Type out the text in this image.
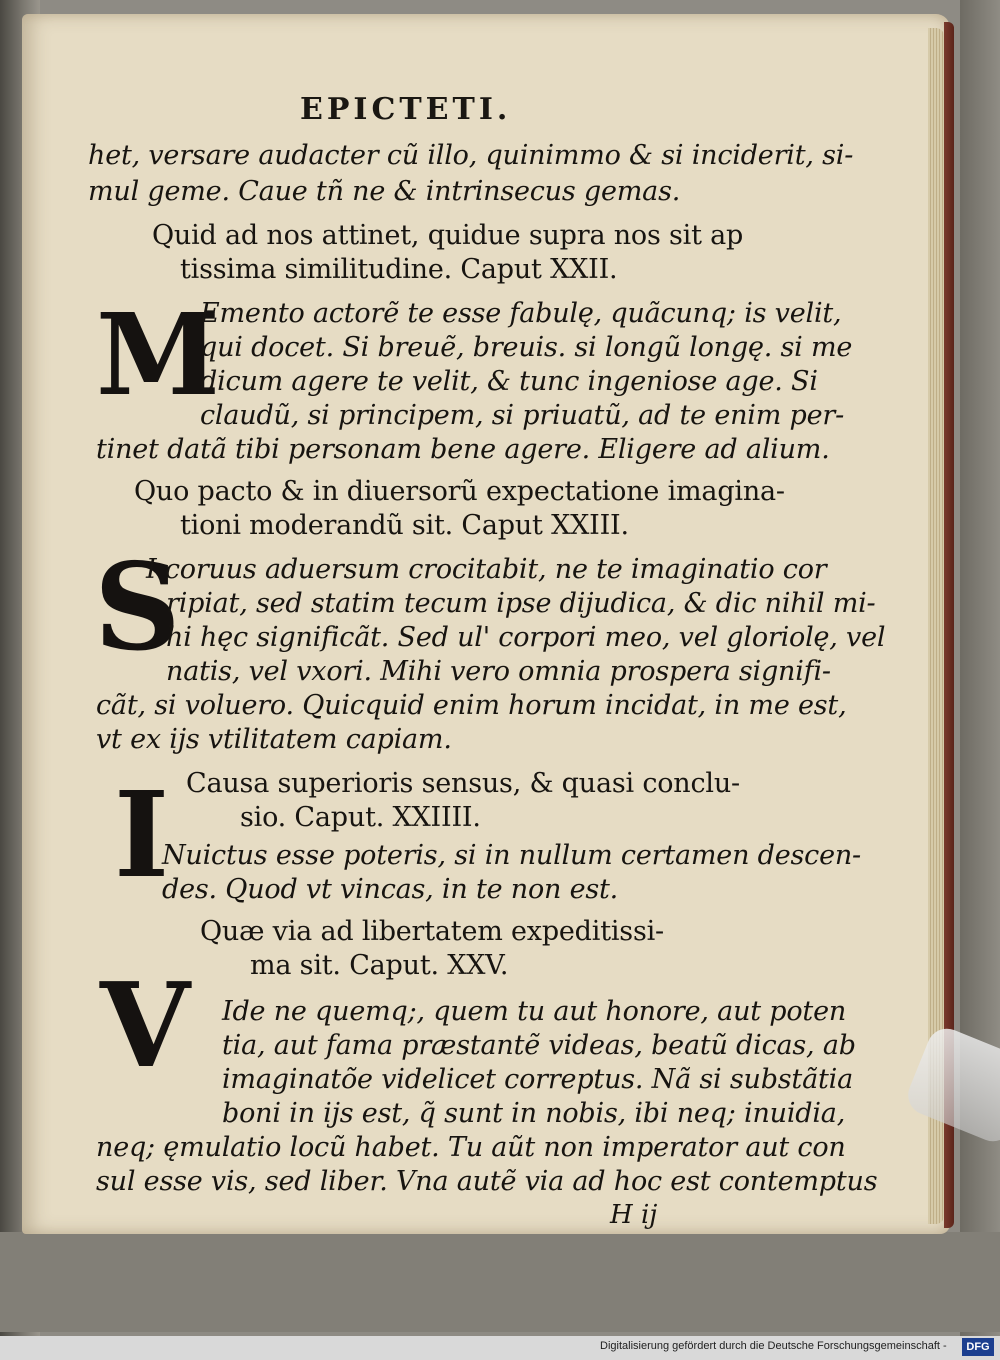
EPICTETI.
het, versare audacter cũ illo, quinimmo & si inciderit, si-
mul geme. Caue tñ ne & intrinsecus gemas.
Quid ad nos attinet, quidue supra nos sit ap
tissima similitudine. Caput XXII.
M
Emento actorẽ te esse fabulę, quãcunq; is velit,
qui docet. Si breuẽ, breuis. si longũ longę. si me
dicum agere te velit, & tunc ingeniose age. Si
claudũ, si principem, si priuatũ, ad te enim per-
tinet datã tibi personam bene agere. Eligere ad alium.
Quo pacto & in diuersorũ expectatione imagina-
tioni moderandũ sit. Caput XXIII.
S
I coruus aduersum crocitabit, ne te imaginatio cor
ripiat, sed statim tecum ipse dijudica, & dic nihil mi-
hi hęc significãt. Sed ul' corpori meo, vel gloriolę, vel
natis, vel vxori. Mihi vero omnia prospera signifi-
cãt, si voluero. Quicquid enim horum incidat, in me est,
vt ex ijs vtilitatem capiam.
Causa superioris sensus, & quasi conclu-
sio. Caput. XXIIII.
I
Nuictus esse poteris, si in nullum certamen descen-
des. Quod vt vincas, in te non est.
Quæ via ad libertatem expeditissi-
ma sit. Caput. XXV.
V Ide ne quemq;, quem tu aut honore, aut poten
tia, aut fama præstantẽ videas, beatũ dicas, ab
imaginatõe videlicet correptus. Nã si substãtia
boni in ijs est, q̃ sunt in nobis, ibi neq; inuidia,
neq; ęmulatio locũ habet. Tu aũt non imperator aut con
sul esse vis, sed liber. Vna autẽ via ad hoc est contemptus
H ij
Digitalisierung gefördert durch die Deutsche Forschungsgemeinschaft -	DFG
